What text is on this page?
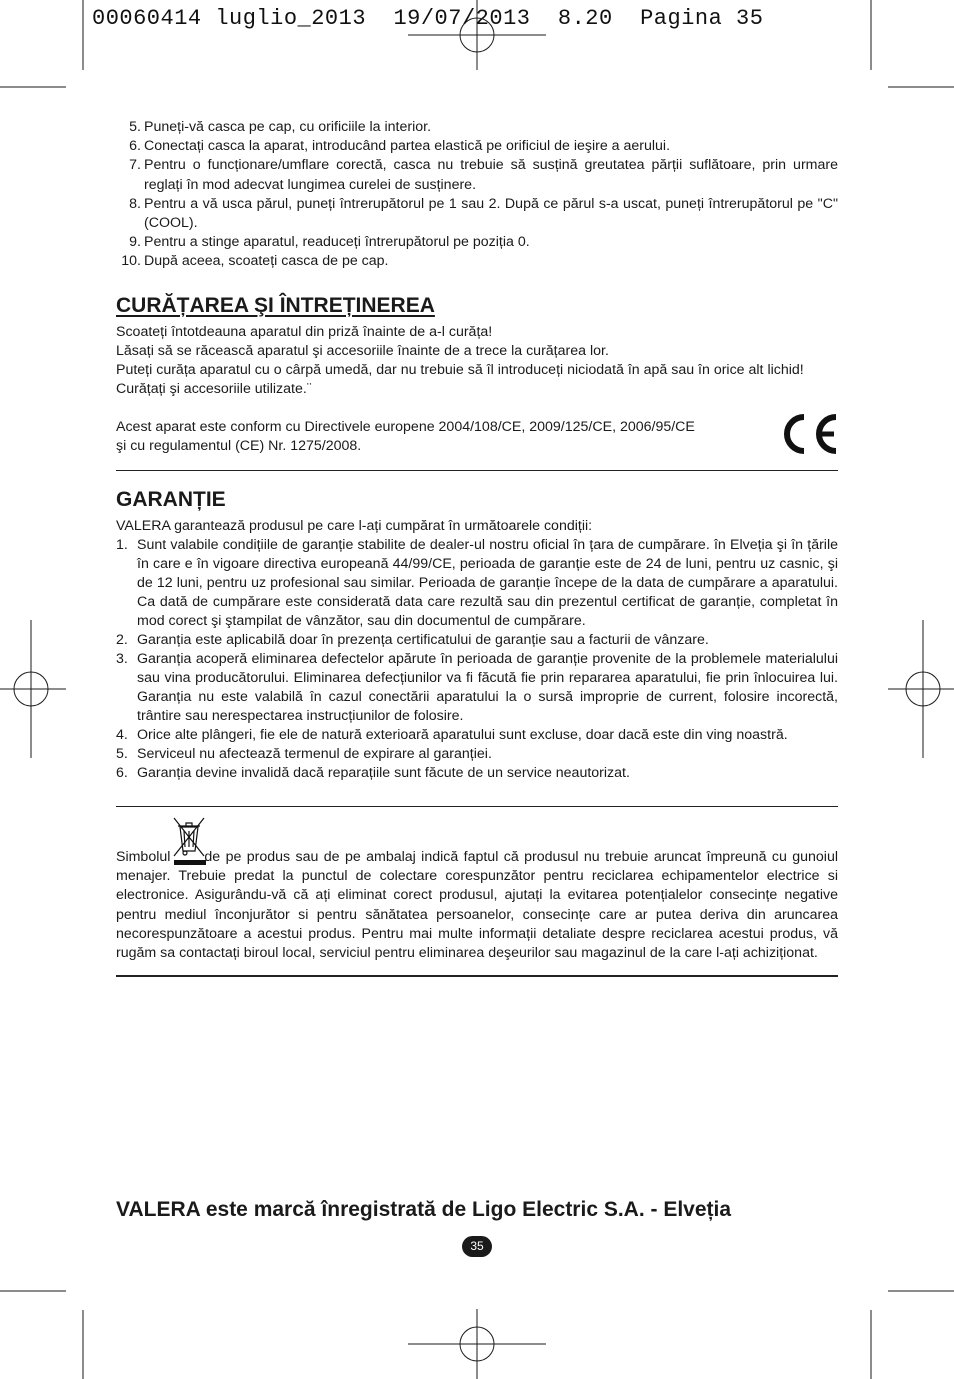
00060414 luglio_2013  19/07/2013  8.20  Pagina 35
5. Puneți-vă casca pe cap, cu orificiile la interior.
6. Conectați casca la aparat, introducând partea elastică pe orificiul de ieşire a aerului.
7. Pentru o funcționare/umflare corectă, casca nu trebuie să susțină greutatea părții suflătoare, prin urmare reglați în mod adecvat lungimea curelei de susținere.
8. Pentru a vă usca părul, puneți întrerupătorul pe 1 sau 2. După ce părul s-a uscat, puneți întrerupătorul pe "C" (COOL).
9. Pentru a stinge aparatul, readuceți întrerupătorul pe poziția 0.
10. După aceea, scoateți casca de pe cap.
CURĂȚAREA ŞI ÎNTREȚINEREA

Scoateți întotdeauna aparatul din priză înainte de a-l curăța!

Lăsați să se răcească aparatul şi accesoriile înainte de a trece la curățarea lor.

Puteți curăța aparatul cu o cârpă umedă, dar nu trebuie să îl introduceți niciodată în apă sau în orice alt lichid!

Curățați şi accesoriile utilizate.¨

Acest aparat este conform cu Directivele europene 2004/108/CE, 2009/125/CE, 2006/95/CE

şi cu regulamentul (CE) Nr. 1275/2008.

GARANȚIE

VALERA garantează produsul pe care l-ați cumpărat în următoarele condiții:

1. Sunt valabile condițiile de garanție stabilite de dealer-ul nostru oficial în țara de cumpărare. în Elveția şi în țările în care e în vigoare directiva europeană 44/99/CE, perioada de garanție este de 24 de luni, pentru uz casnic, şi de 12 luni, pentru uz profesional sau similar. Perioada de garanție începe de la data de cumpărare a aparatului. Ca dată de cumpărare este considerată data care rezultă sau din prezentul certificat de garanție, completat în mod corect şi ştampilat de vânzător, sau din documentul de cumpărare.
2. Garanția este aplicabilă doar în prezența certificatului de garanție sau a facturii de vânzare.
3. Garanția acoperă eliminarea defectelor apărute în perioada de garanție provenite de la problemele materialului sau vina producătorului. Eliminarea defecțiunilor va fi făcută fie prin repararea aparatului, fie prin înlocuirea lui. Garanția nu este valabilă în cazul conectării aparatului la o sursă improprie de current, folosire incorectă, trântire sau nerespectarea instrucțiunilor de folosire.
4. Orice alte plângeri, fie ele de natură exterioară aparatului sunt excluse, doar dacă este din ving noastră.
5. Serviceul nu afectează termenul de expirare al garanției.
6. Garanția devine invalidă dacă reparațiile sunt făcute de un service neautorizat.

Simbolul de pe produs sau de pe ambalaj indică faptul că produsul nu trebuie aruncat împreună cu gunoiul menajer. Trebuie predat la punctul de colectare corespunzător pentru reciclarea echipamentelor electrice si electronice. Asigurându-vă că ați eliminat corect produsul, ajutați la evitarea potențialelor consecințe negative pentru mediul înconjurător si pentru sănătatea persoanelor, consecințe care ar putea deriva din aruncarea necorespunzătoare a acestui produs. Pentru mai multe informații detaliate despre reciclarea acestui produs, vă rugăm sa contactați biroul local, serviciul pentru eliminarea deşeurilor sau magazinul de la care l-ați achiziționat.

VALERA este marcă înregistrată de Ligo Electric S.A. - Elveția

35
